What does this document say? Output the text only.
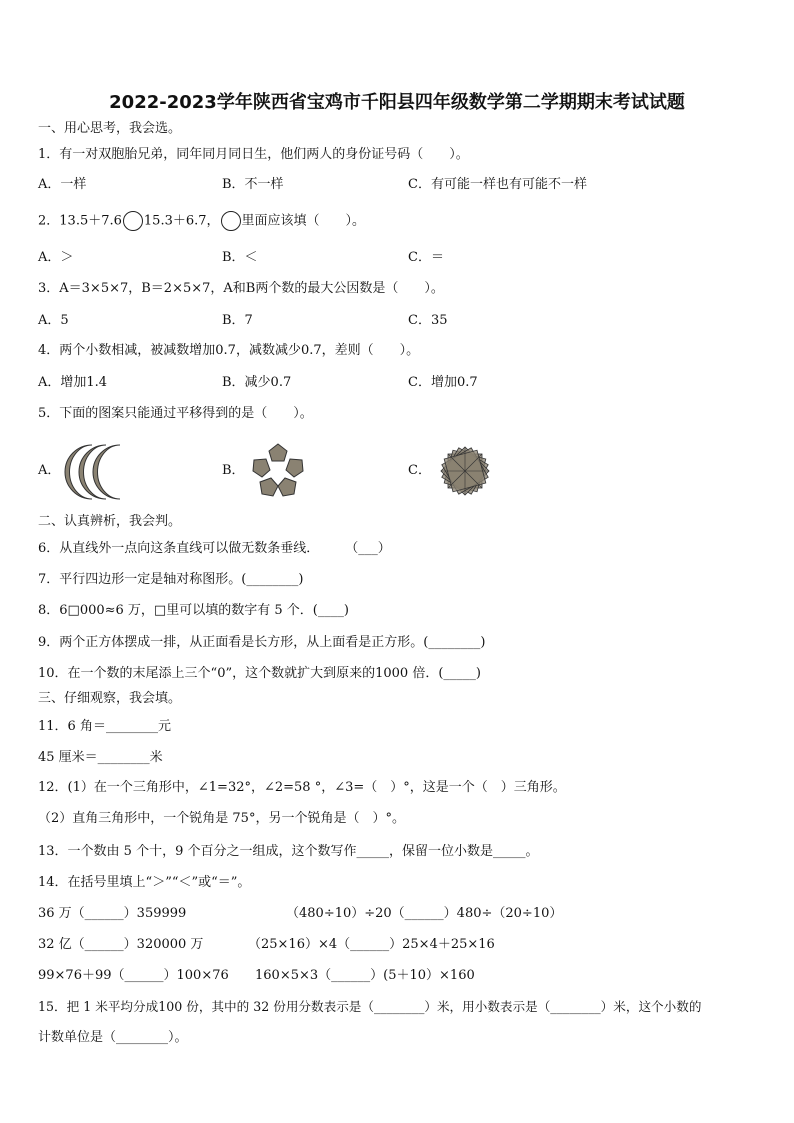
2022-2023学年陕西省宝鸡市千阳县四年级数学第二学期期末考试试题
一、用心思考，我会选。
1．有一对双胞胎兄弟，同年同月同日生，他们两人的身份证号码（　　）。
A．一样	B．不一样	C．有可能一样也有可能不一样
2．13.5＋7.6 15.3＋6.7， 里面应该填（　　）。
A．＞	B．＜	C．＝
3．A＝3×5×7，B＝2×5×7，A和B两个数的最大公因数是（　　）。
A．5	B．7	C．35
4．两个小数相减，被减数增加0.7，减数减少0.7，差则（　　）。
A．增加1.4	B．减少0.7	C．增加0.7
5．下面的图案只能通过平移得到的是（　　）。
A．	B．	C．
二、认真辨析，我会判。
6．从直线外一点向这条直线可以做无数条垂线．　　　（___）
7．平行四边形一定是轴对称图形。(________)
8．6□000≈6 万，□里可以填的数字有 5 个．(____)
9．两个正方体摆成一排，从正面看是长方形，从上面看是正方形。(________)
10．在一个数的末尾添上三个“0”，这个数就扩大到原来的1000 倍．(_____)
三、仔细观察，我会填。
11．6 角＝________元
45 厘米＝________米
12．(1）在一个三角形中，∠1=32°，∠2=58 °，∠3=（　）°，这是一个（　）三角形。
（2）直角三角形中，一个锐角是 75°，另一个锐角是（　）°。
13．一个数由 5 个十，9 个百分之一组成，这个数写作_____，保留一位小数是_____。
14．在括号里填上“＞”“＜”或“＝”。
36 万（______）359999	（480÷10）÷20（______）480÷（20÷10）
32 亿（______）320000 万	（25×16）×4（______）25×4＋25×16
99×76＋99（______）100×76 160×5×3（______）(5＋10）×160
15．把 1 米平均分成100 份，其中的 32 份用分数表示是（________）米，用小数表示是（________）米，这个小数的
计数单位是（________）。
